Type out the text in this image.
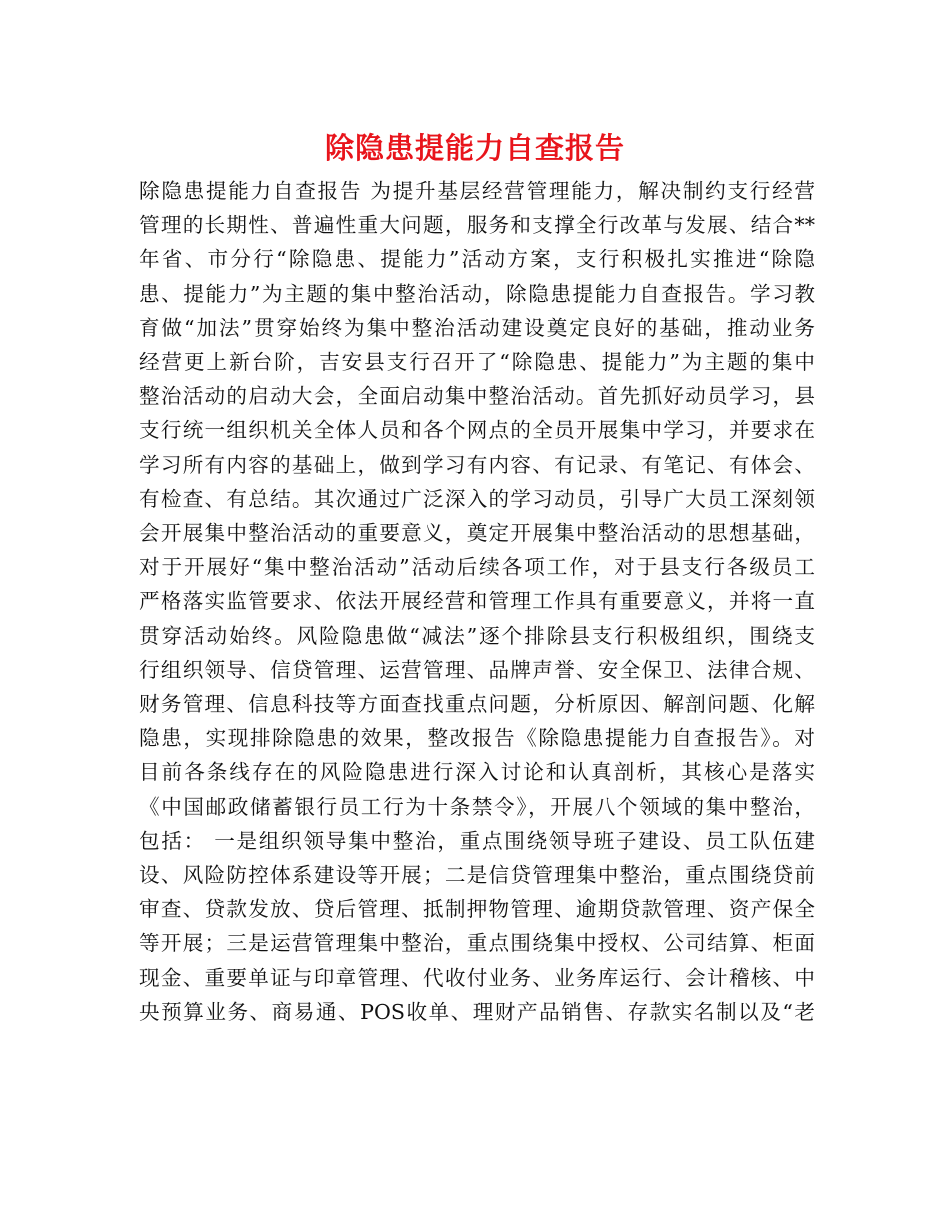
除隐患提能力自查报告
除隐患提能力自查报告 为提升基层经营管理能力，解决制约支行经营
管理的长期性、普遍性重大问题，服务和支撑全行改革与发展、结合**
年省、市分行“除隐患、提能力”活动方案，支行积极扎实推进“除隐
患、提能力”为主题的集中整治活动，除隐患提能力自查报告。学习教
育做“加法”贯穿始终为集中整治活动建设奠定良好的基础，推动业务
经营更上新台阶，吉安县支行召开了“除隐患、提能力”为主题的集中
整治活动的启动大会，全面启动集中整治活动。首先抓好动员学习，县
支行统一组织机关全体人员和各个网点的全员开展集中学习，并要求在
学习所有内容的基础上，做到学习有内容、有记录、有笔记、有体会、
有检查、有总结。其次通过广泛深入的学习动员，引导广大员工深刻领
会开展集中整治活动的重要意义，奠定开展集中整治活动的思想基础，
对于开展好“集中整治活动”活动后续各项工作，对于县支行各级员工
严格落实监管要求、依法开展经营和管理工作具有重要意义，并将一直
贯穿活动始终。风险隐患做“减法”逐个排除县支行积极组织，围绕支
行组织领导、信贷管理、运营管理、品牌声誉、安全保卫、法律合规、
财务管理、信息科技等方面查找重点问题，分析原因、解剖问题、化解
隐患，实现排除隐患的效果，整改报告《除隐患提能力自查报告》。对
目前各条线存在的风险隐患进行深入讨论和认真剖析，其核心是落实
《中国邮政储蓄银行员工行为十条禁令》，开展八个领域的集中整治，
包括： 一是组织领导集中整治，重点围绕领导班子建设、员工队伍建
设、风险防控体系建设等开展；二是信贷管理集中整治，重点围绕贷前
审查、贷款发放、贷后管理、抵制押物管理、逾期贷款管理、资产保全
等开展；三是运营管理集中整治，重点围绕集中授权、公司结算、柜面
现金、重要单证与印章管理、代收付业务、业务库运行、会计稽核、中
央预算业务、商易通、POS收单、理财产品销售、存款实名制以及“老
